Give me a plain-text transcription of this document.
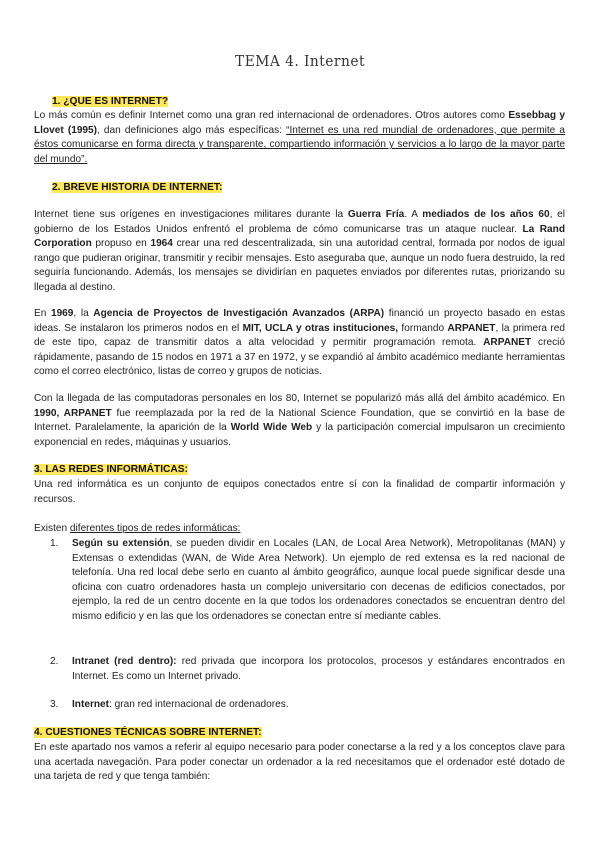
TEMA 4. Internet
1. ¿QUE ES INTERNET?
Lo más común es definir Internet como una gran red internacional de ordenadores. Otros autores como Essebbag y Llovet (1995), dan definiciones algo más específicas: “Internet es una red mundial de ordenadores, que permite a éstos comunicarse en forma directa y transparente, compartiendo información y servicios a lo largo de la mayor parte del mundo”.
2. BREVE HISTORIA DE INTERNET:
Internet tiene sus orígenes en investigaciones militares durante la Guerra Fría. A mediados de los años 60, el gobierno de los Estados Unidos enfrentó el problema de cómo comunicarse tras un ataque nuclear. La Rand Corporation propuso en 1964 crear una red descentralizada, sin una autoridad central, formada por nodos de igual rango que pudieran originar, transmitir y recibir mensajes. Esto aseguraba que, aunque un nodo fuera destruido, la red seguiría funcionando. Además, los mensajes se dividirían en paquetes enviados por diferentes rutas, priorizando su llegada al destino.
En 1969, la Agencia de Proyectos de Investigación Avanzados (ARPA) financió un proyecto basado en estas ideas. Se instalaron los primeros nodos en el MIT, UCLA y otras instituciones, formando ARPANET, la primera red de este tipo, capaz de transmitir datos a alta velocidad y permitir programación remota. ARPANET creció rápidamente, pasando de 15 nodos en 1971 a 37 en 1972, y se expandió al ámbito académico mediante herramientas como el correo electrónico, listas de correo y grupos de noticias.
Con la llegada de las computadoras personales en los 80, Internet se popularizó más allá del ámbito académico. En 1990, ARPANET fue reemplazada por la red de la National Science Foundation, que se convirtió en la base de Internet. Paralelamente, la aparición de la World Wide Web y la participación comercial impulsaron un crecimiento exponencial en redes, máquinas y usuarios.
3. LAS REDES INFORMÁTICAS:
Una red informática es un conjunto de equipos conectados entre sí con la finalidad de compartir información y recursos.
Existen diferentes tipos de redes informáticas:
1. Según su extensión, se pueden dividir en Locales (LAN, de Local Area Network), Metropolitanas (MAN) y Extensas o extendidas (WAN, de Wide Area Network). Un ejemplo de red extensa es la red nacional de telefonía. Una red local debe serlo en cuanto al ámbito geográfico, aunque local puede significar desde una oficina con cuatro ordenadores hasta un complejo universitario con decenas de edificios conectados, por ejemplo, la red de un centro docente en la que todos los ordenadores conectados se encuentran dentro del mismo edificio y en las que los ordenadores se conectan entre sí mediante cables.
2. Intranet (red dentro): red privada que incorpora los protocolos, procesos y estándares encontrados en Internet. Es como un Internet privado.
3. Internet: gran red internacional de ordenadores.
4. CUESTIONES TÉCNICAS SOBRE INTERNET:
En este apartado nos vamos a referir al equipo necesario para poder conectarse a la red y a los conceptos clave para una acertada navegación. Para poder conectar un ordenador a la red necesitamos que el ordenador esté dotado de una tarjeta de red y que tenga también:
